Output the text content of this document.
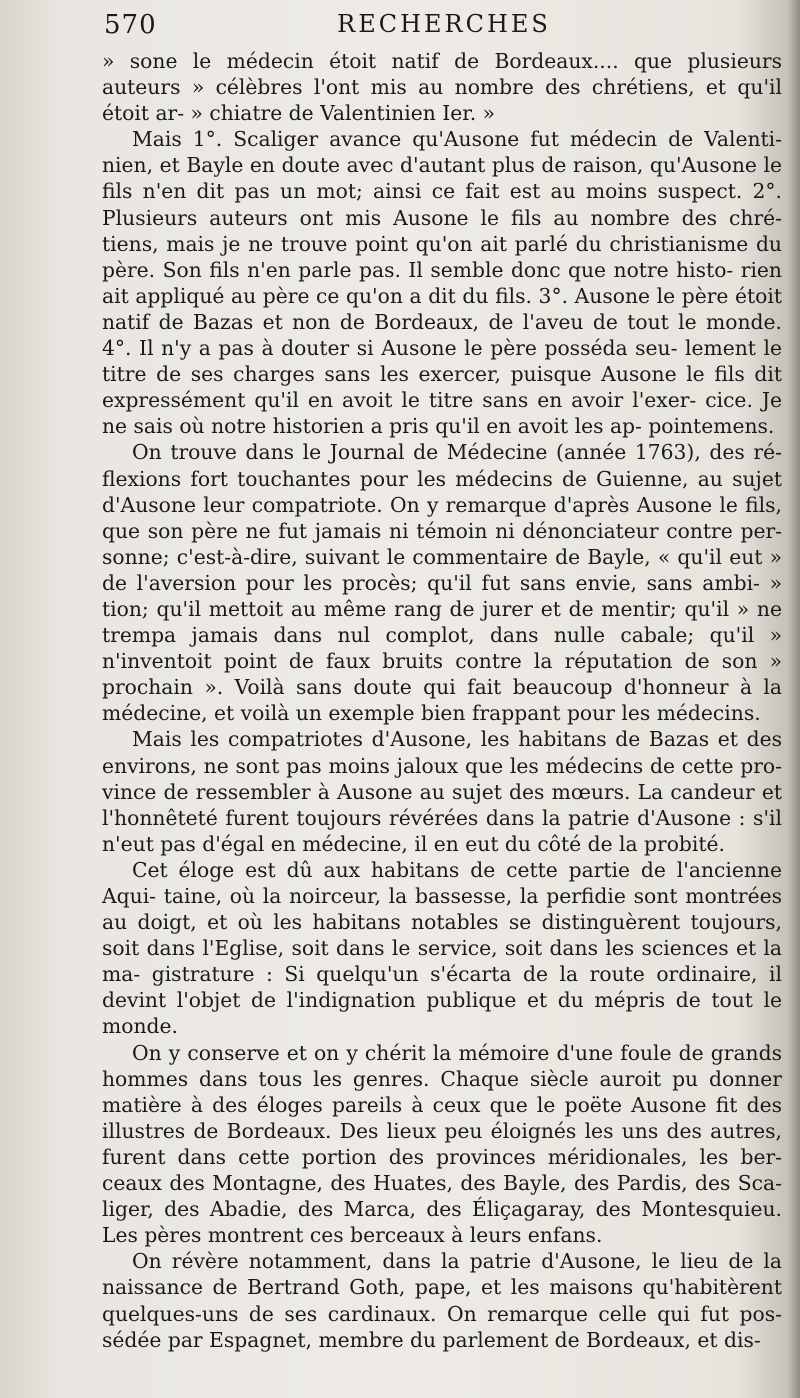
570	RECHERCHES

» sone le médecin étoit natif de Bordeaux.... que plusieurs auteurs » célèbres l'ont mis au nombre des chrétiens, et qu'il étoit ar- » chiatre de Valentinien Ier. »

Mais 1°. Scaliger avance qu'Ausone fut médecin de Valenti- nien, et Bayle en doute avec d'autant plus de raison, qu'Ausone le fils n'en dit pas un mot; ainsi ce fait est au moins suspect. 2°. Plusieurs auteurs ont mis Ausone le fils au nombre des chré- tiens, mais je ne trouve point qu'on ait parlé du christianisme du père. Son fils n'en parle pas. Il semble donc que notre histo- rien ait appliqué au père ce qu'on a dit du fils. 3°. Ausone le père étoit natif de Bazas et non de Bordeaux, de l'aveu de tout le monde. 4°. Il n'y a pas à douter si Ausone le père posséda seu- lement le titre de ses charges sans les exercer, puisque Ausone le fils dit expressément qu'il en avoit le titre sans en avoir l'exer- cice. Je ne sais où notre historien a pris qu'il en avoit les ap- pointemens.

On trouve dans le Journal de Médecine (année 1763), des ré- flexions fort touchantes pour les médecins de Guienne, au sujet d'Ausone leur compatriote. On y remarque d'après Ausone le fils, que son père ne fut jamais ni témoin ni dénonciateur contre per- sonne; c'est-à-dire, suivant le commentaire de Bayle, « qu'il eut » de l'aversion pour les procès; qu'il fut sans envie, sans ambi- » tion; qu'il mettoit au même rang de jurer et de mentir; qu'il » ne trempa jamais dans nul complot, dans nulle cabale; qu'il » n'inventoit point de faux bruits contre la réputation de son » prochain ». Voilà sans doute qui fait beaucoup d'honneur à la médecine, et voilà un exemple bien frappant pour les médecins.

Mais les compatriotes d'Ausone, les habitans de Bazas et des environs, ne sont pas moins jaloux que les médecins de cette pro- vince de ressembler à Ausone au sujet des mœurs. La candeur et l'honnêteté furent toujours révérées dans la patrie d'Ausone : s'il n'eut pas d'égal en médecine, il en eut du côté de la probité.

Cet éloge est dû aux habitans de cette partie de l'ancienne Aqui- taine, où la noirceur, la bassesse, la perfidie sont montrées au doigt, et où les habitans notables se distinguèrent toujours, soit dans l'Eglise, soit dans le service, soit dans les sciences et la ma- gistrature : Si quelqu'un s'écarta de la route ordinaire, il devint l'objet de l'indignation publique et du mépris de tout le monde.

On y conserve et on y chérit la mémoire d'une foule de grands hommes dans tous les genres. Chaque siècle auroit pu donner matière à des éloges pareils à ceux que le poëte Ausone fit des illustres de Bordeaux. Des lieux peu éloignés les uns des autres, furent dans cette portion des provinces méridionales, les ber- ceaux des Montagne, des Huates, des Bayle, des Pardis, des Sca- liger, des Abadie, des Marca, des Éliçagaray, des Montesquieu. Les pères montrent ces berceaux à leurs enfans.

On révère notamment, dans la patrie d'Ausone, le lieu de la naissance de Bertrand Goth, pape, et les maisons qu'habitèrent quelques-uns de ses cardinaux. On remarque celle qui fut pos- sédée par Espagnet, membre du parlement de Bordeaux, et dis-
